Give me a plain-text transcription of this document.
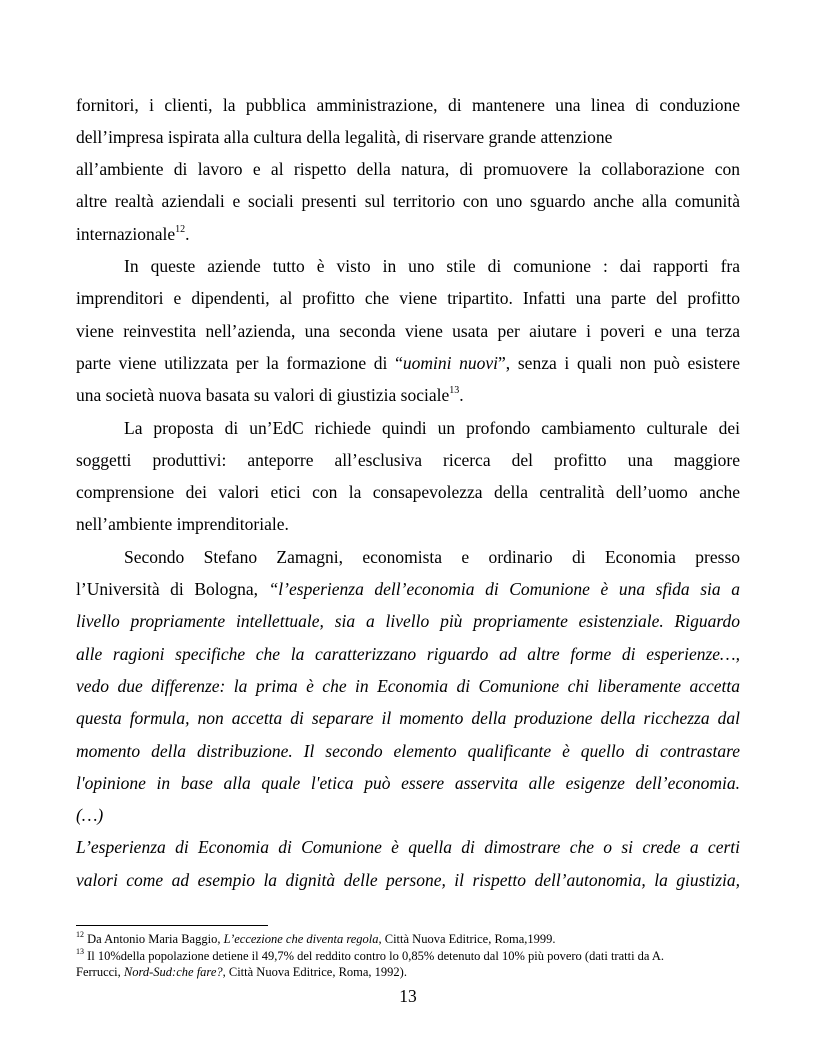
fornitori, i clienti, la pubblica amministrazione, di mantenere una linea di conduzione
dell’impresa ispirata alla cultura della legalità, di riservare grande attenzione
all’ambiente di lavoro e al rispetto della natura, di promuovere la collaborazione con
altre realtà aziendali e sociali presenti sul territorio con uno sguardo anche alla comunità
internazionale$^{12}$.
In queste aziende tutto è visto in uno stile di comunione : dai rapporti fra
imprenditori e dipendenti, al profitto che viene tripartito. Infatti una parte del profitto
viene reinvestita nell’azienda, una seconda viene usata per aiutare i poveri e una terza
parte viene utilizzata per la formazione di “uomini nuovi”, senza i quali non può esistere
una società nuova basata su valori di giustizia sociale$^{13}$.
La proposta di un’EdC richiede quindi un profondo cambiamento culturale dei
soggetti produttivi: anteporre all’esclusiva ricerca del profitto una maggiore
comprensione dei valori etici con la consapevolezza della centralità dell’uomo anche
nell’ambiente imprenditoriale.
Secondo Stefano Zamagni, economista e ordinario di Economia presso
l’Università di Bologna, “l’esperienza dell’economia di Comunione è una sfida sia a
livello propriamente intellettuale, sia a livello più propriamente esistenziale. Riguardo
alle ragioni specifiche che la caratterizzano riguardo ad altre forme di esperienze…,
vedo due differenze: la prima è che in Economia di Comunione chi liberamente accetta
questa formula, non accetta di separare il momento della produzione della ricchezza dal
momento della distribuzione. Il secondo elemento qualificante è quello di contrastare
l'opinione in base alla quale l'etica può essere asservita alle esigenze dell’economia.
(…)
L’esperienza di Economia di Comunione è quella di dimostrare che o si crede a certi
valori come ad esempio la dignità delle persone, il rispetto dell’autonomia, la giustizia,
$^{12}$ Da Antonio Maria Baggio, L’eccezione che diventa regola, Città Nuova Editrice, Roma,1999.
$^{13}$ Il 10%della popolazione detiene il 49,7% del reddito contro lo 0,85% detenuto dal 10% più povero (dati tratti da A.
Ferrucci, Nord-Sud:che fare?, Città Nuova Editrice, Roma, 1992).
13
